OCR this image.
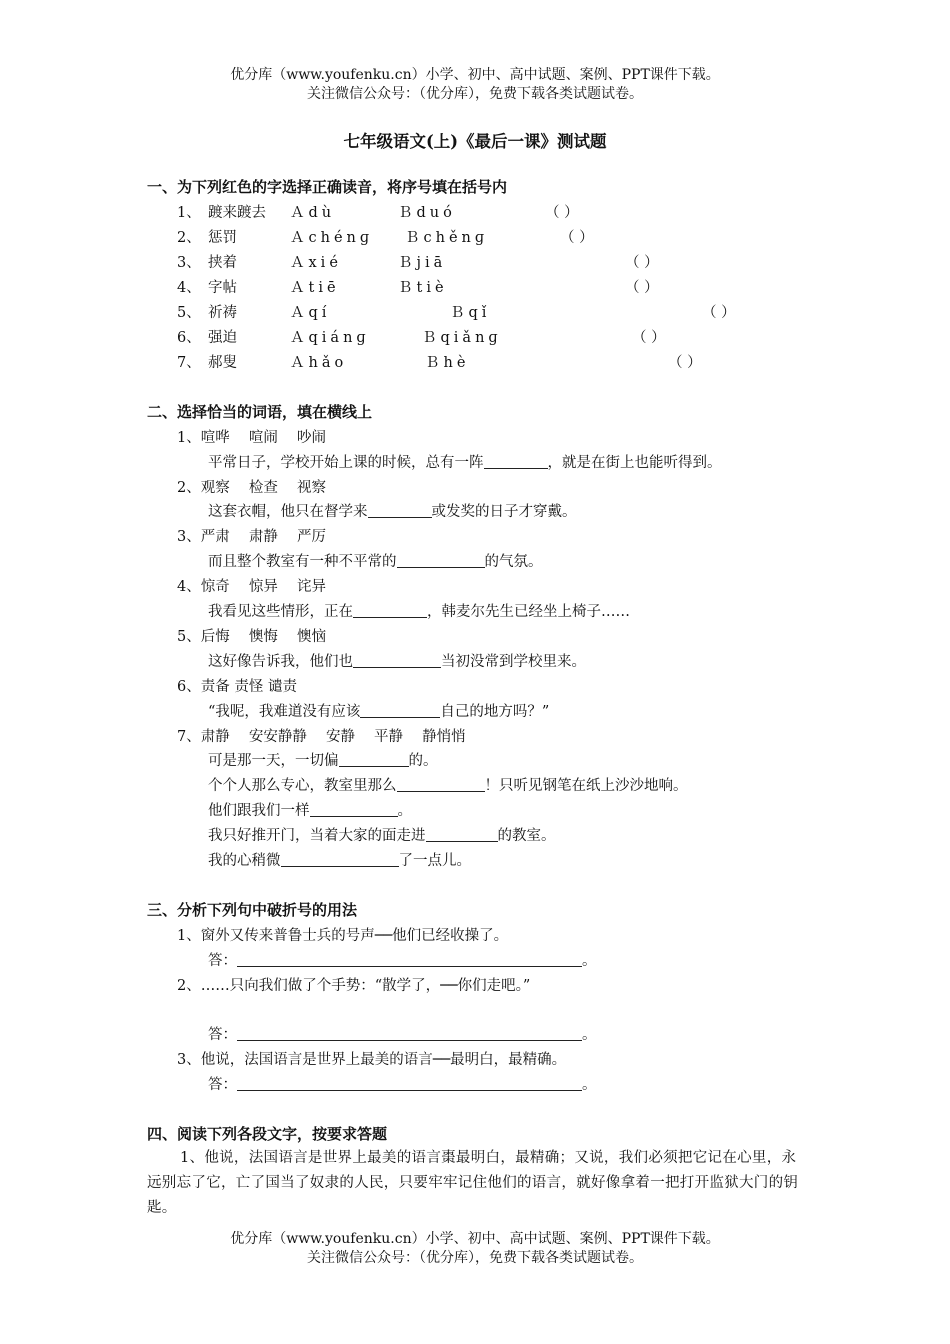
优分库（www.youfenku.cn）小学、初中、高中试题、案例、PPT课件下载。
关注微信公众号：（优分库），免费下载各类试题试卷。
七年级语文(上)《最后一课》测试题
一、为下列红色的字选择正确读音，将序号填在括号内
1、 踱来踱去 Ａdù	Ｂduó	（ ）
2、 惩罚	Ａchénɡ Ｂchěnɡ	（ ）
3、 挟着	Ａxié	Ｂjiā	（ ）
4、 字帖	Ａtiē	Ｂtiè	（ ）
5、 祈祷	Ａqí	Ｂqǐ	（ ）
6、 强迫	Ａqiánɡ	Ｂqiǎnɡ	（ ）
7、 郝叟	Ａhǎo	Ｂhè	（ ）
二、选择恰当的词语，填在横线上
1、喧哗　 喧闹　 吵闹
平常日子，学校开始上课的时候，总有一阵	，就是在街上也能听得到。
2、观察　 检查　 视察
这套衣帽，他只在督学来	或发奖的日子才穿戴。
3、严肃　 肃静　 严厉
而且整个教室有一种不平常的	的气氛。
4、惊奇　 惊异　 诧异
我看见这些情形，正在	，韩麦尔先生已经坐上椅子……
5、后悔　 懊悔　 懊恼
这好像告诉我，他们也	当初没常到学校里来。
6、责备 责怪 谴责
“我呢，我难道没有应该	自己的地方吗？”
7、肃静　 安安静静　 安静　 平静　 静悄悄
可是那一天，一切偏	的。
个个人那么专心，教室里那么	！只听见钢笔在纸上沙沙地响。
他们跟我们一样	。
我只好推开门，当着大家的面走进	的教室。
我的心稍微	了一点儿。
三、分析下列句中破折号的用法
1、窗外又传来普鲁士兵的号声──他们已经收操了。
答：	。
2、……只向我们做了个手势：“散学了，──你们走吧。”
答：	。
3、他说，法国语言是世界上最美的语言──最明白，最精确。
答：	。
四、阅读下列各段文字，按要求答题
1、他说，法国语言是世界上最美的语言棗最明白，最精确；又说，我们必须把它记在心里，永远别忘了它，亡了国当了奴隶的人民，只要牢牢记住他们的语言，就好像拿着一把打开监狱大门的钥匙。
优分库（www.youfenku.cn）小学、初中、高中试题、案例、PPT课件下载。
关注微信公众号：（优分库），免费下载各类试题试卷。
